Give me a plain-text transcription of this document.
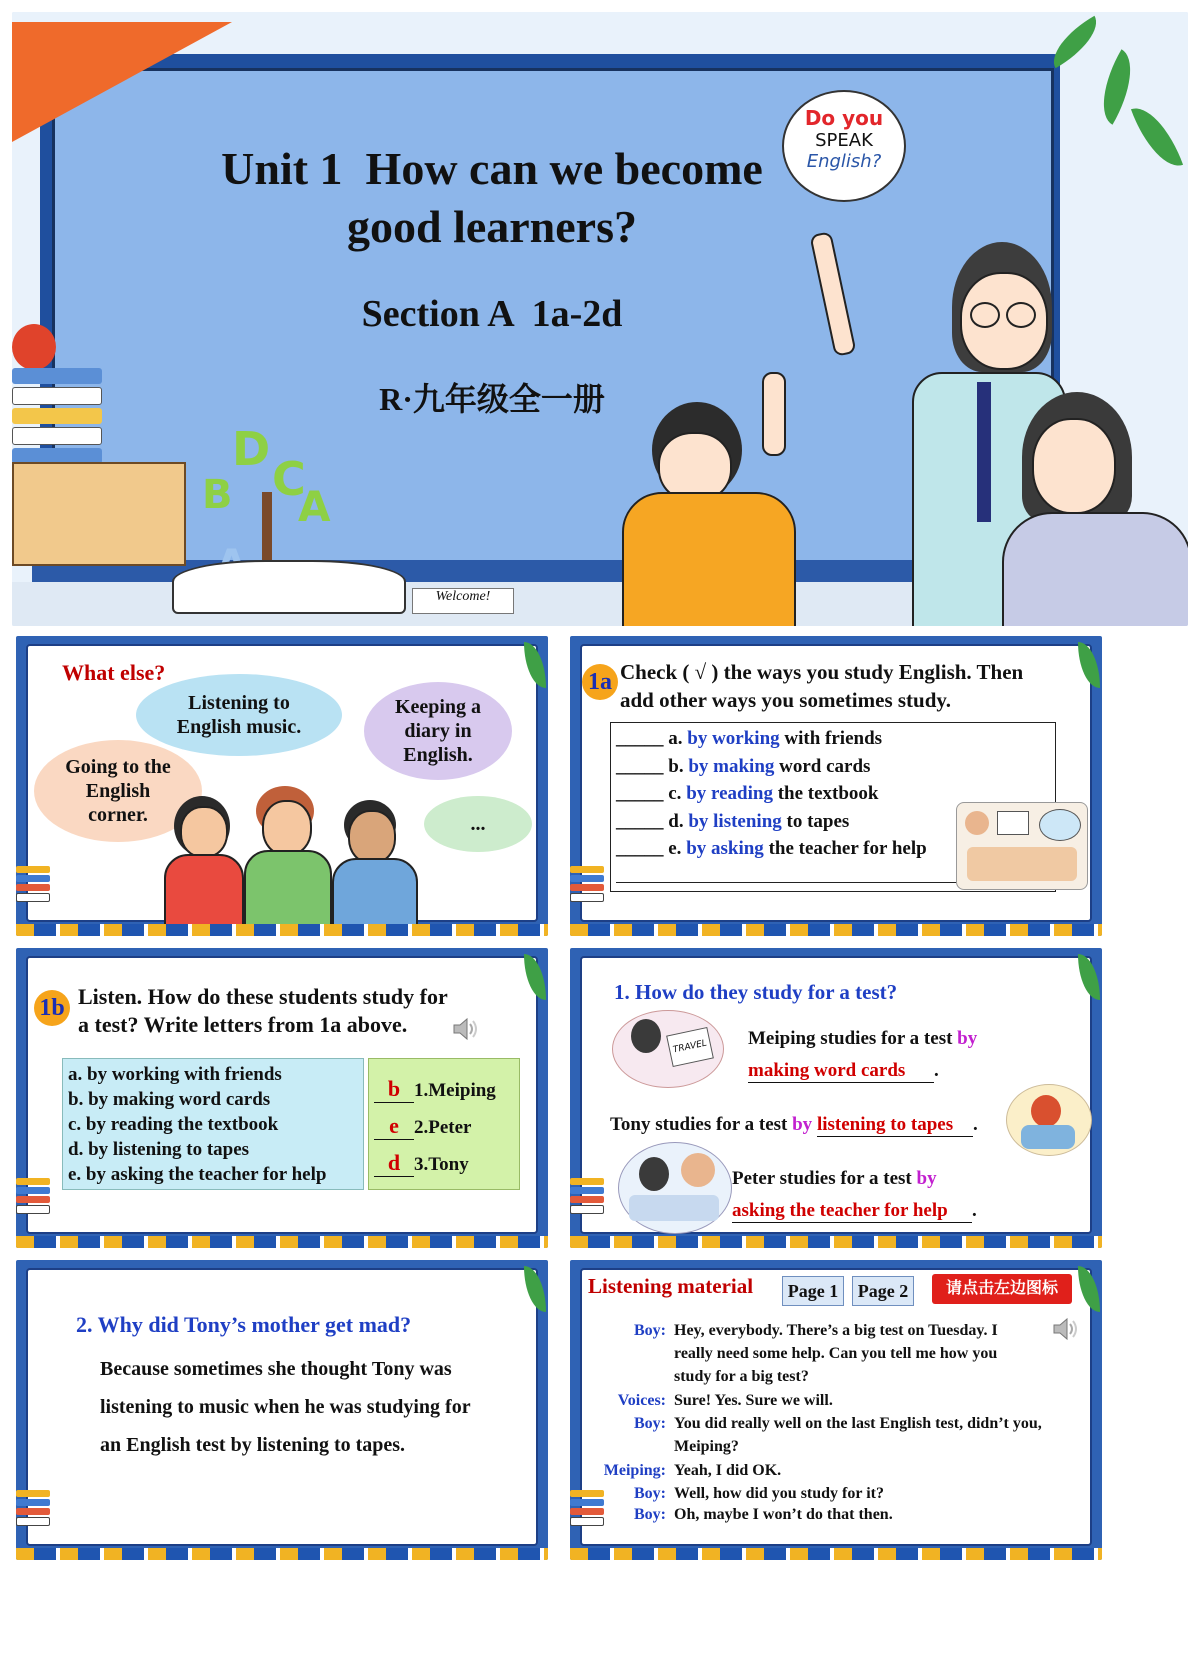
Unit 1  How can we become
good learners?
Section A  1a-2d
R·九年级全一册
Do you
SPEAK
English?
D
C
B A
Welcome!
What else?
Listening to English music.
Keeping a diary in English.
Going to the English corner.	...
1a Check ( √ ) the ways you study English. Then
add other ways you sometimes study.
_____ a. by working with friends
_____ b. by making word cards
_____ c. by reading the textbook
_____ d. by listening to tapes
_____ e. by asking the teacher for help
1b Listen. How do these students study for
a test? Write letters from 1a above.
a. by working with friends
b. by making word cards
c. by reading the textbook
d. by listening to tapes
e. by asking the teacher for help
b 1.Meiping
e 2.Peter
d 3.Tony
1. How do they study for a test?
TRAVEL	Meiping studies for a test by
making word cards .
Tony studies for a test by listening to tapes .
Peter studies for a test by
asking the teacher for help .
2. Why did Tony’s mother get mad?
Because sometimes she thought Tony was
listening to music when he was studying for
an English test by listening to tapes.
Listening material	Page 1	Page 2	请点击左边图标
Boy: Hey, everybody. There’s a big test on Tuesday. I
really need some help. Can you tell me how you
study for a big test?
Voices: Sure! Yes. Sure we will.
Boy: You did really well on the last English test, didn’t you,
Meiping?
Meiping: Yeah, I did OK.
Boy: Well, how did you study for it?
Boy: Oh, maybe I won’t do that then.
